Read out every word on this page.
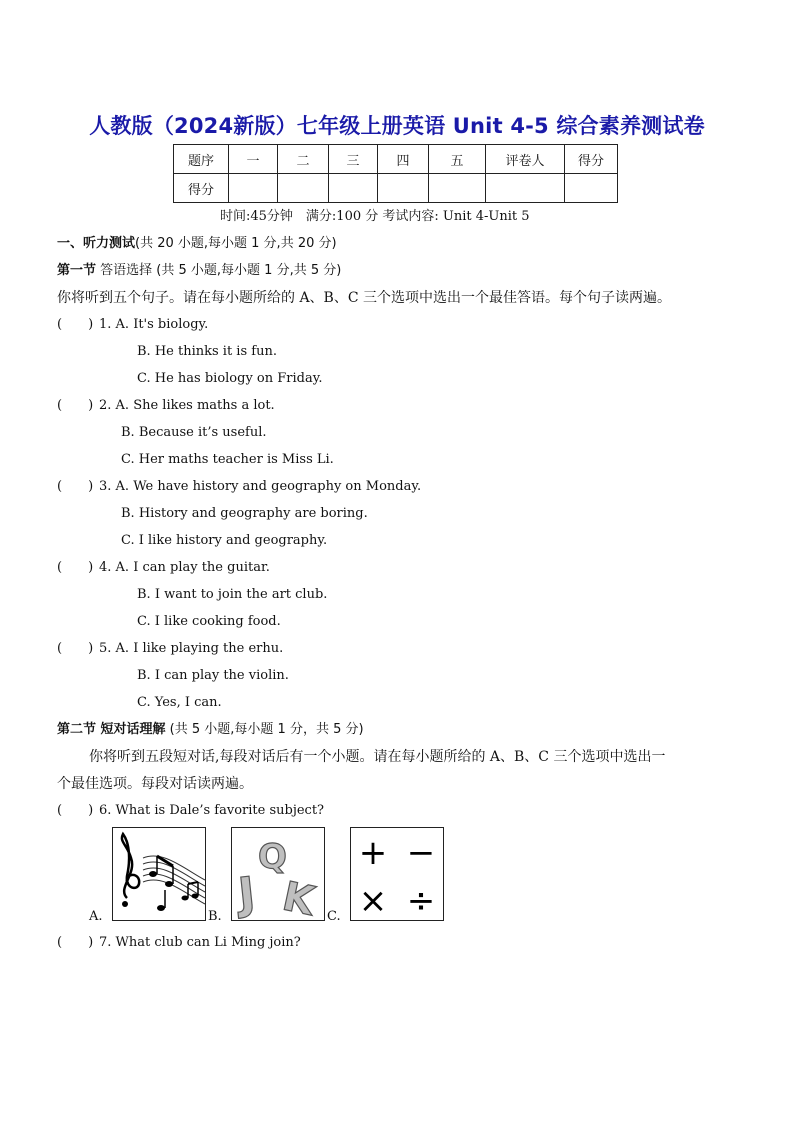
人教版（2024新版）七年级上册英语 Unit 4-5 综合素养测试卷
题序	一	二	三	四	五	评卷人	得分
得分							
时间:45分钟　满分:100 分 考试内容: Unit 4-Unit 5
一、听力测试(共 20 小题,每小题 1 分,共 20 分)
第一节 答语选择 (共 5 小题,每小题 1 分,共 5 分)
你将听到五个句子。请在每小题所给的 A、B、C 三个选项中选出一个最佳答语。每个句子读两遍。
(　　) 1. A. It's biology.
B. He thinks it is fun.
C. He has biology on Friday.
(　　) 2. A. She likes maths a lot.
B. Because it’s useful.
C. Her maths teacher is Miss Li.
(　　) 3. A. We have history and geography on Monday.
B. History and geography are boring.
C. I like history and geography.
(　　) 4. A. I can play the guitar.
B. I want to join the art club.
C. I like cooking food.
(　　) 5. A. I like playing the erhu.
B. I can play the violin.
C. Yes, I can.
第二节 短对话理解 (共 5 小题,每小题 1 分，共 5 分)
你将听到五段短对话,每段对话后有一个小题。请在每小题所给的 A、B、C 三个选项中选出一
个最佳选项。每段对话读两遍。
(　　) 6. What is Dale’s favorite subject?
A.	B.	C.
J
Q
K
+ −
× ÷
(　　) 7. What club can Li Ming join?
